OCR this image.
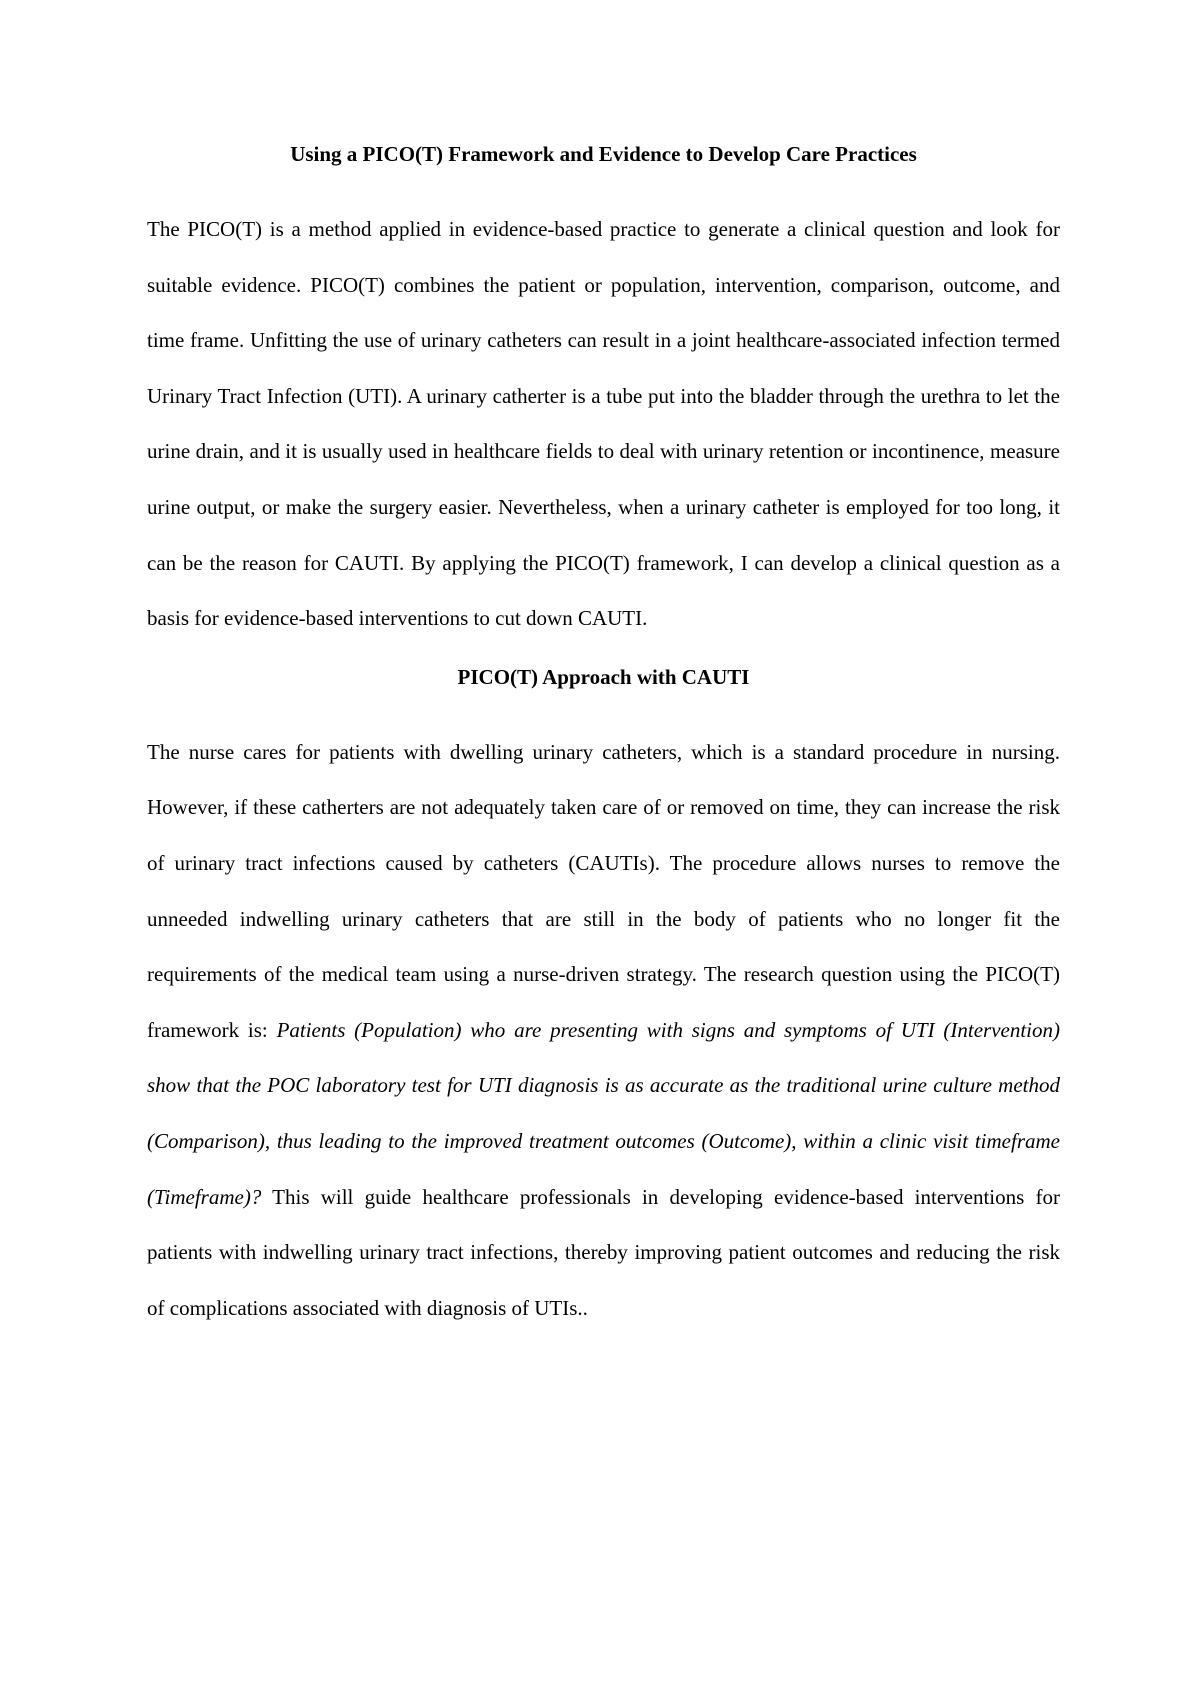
Using a PICO(T) Framework and Evidence to Develop Care Practices

The PICO(T) is a method applied in evidence-based practice to generate a clinical question and look for suitable evidence. PICO(T) combines the patient or population, intervention, comparison, outcome, and time frame. Unfitting the use of urinary catheters can result in a joint healthcare-associated infection termed Urinary Tract Infection (UTI). A urinary catherter is a tube put into the bladder through the urethra to let the urine drain, and it is usually used in healthcare fields to deal with urinary retention or incontinence, measure urine output, or make the surgery easier. Nevertheless, when a urinary catheter is employed for too long, it can be the reason for CAUTI. By applying the PICO(T) framework, I can develop a clinical question as a basis for evidence-based interventions to cut down CAUTI.

PICO(T) Approach with CAUTI

The nurse cares for patients with dwelling urinary catheters, which is a standard procedure in nursing. However, if these catherters are not adequately taken care of or removed on time, they can increase the risk of urinary tract infections caused by catheters (CAUTIs). The procedure allows nurses to remove the unneeded indwelling urinary catheters that are still in the body of patients who no longer fit the requirements of the medical team using a nurse-driven strategy. The research question using the PICO(T) framework is: Patients (Population) who are presenting with signs and symptoms of UTI (Intervention) show that the POC laboratory test for UTI diagnosis is as accurate as the traditional urine culture method (Comparison), thus leading to the improved treatment outcomes (Outcome), within a clinic visit timeframe (Timeframe)? This will guide healthcare professionals in developing evidence-based interventions for patients with indwelling urinary tract infections, thereby improving patient outcomes and reducing the risk of complications associated with diagnosis of UTIs..
